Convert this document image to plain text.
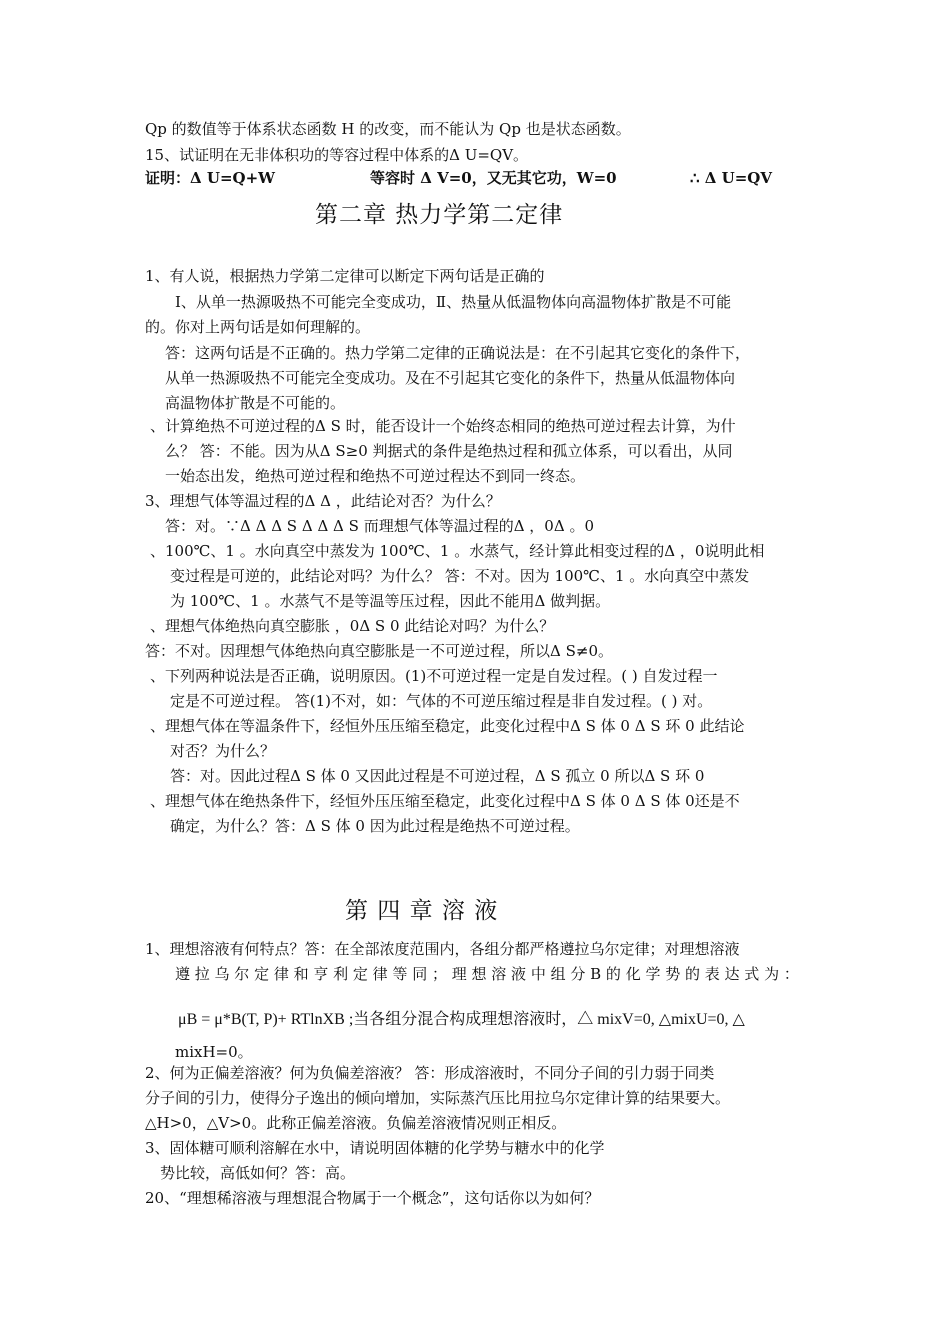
Qp 的数值等于体系状态函数 H 的改变，而不能认为 Qp 也是状态函数。
15、试证明在无非体积功的等容过程中体系的Δ U=QV。
证明：Δ U=Q+W	等容时 Δ V=0，又无其它功，W=0	∴ Δ U=QV
第二章 热力学第二定律
1、有人说，根据热力学第二定律可以断定下两句话是正确的
Ⅰ、从单一热源吸热不可能完全变成功，Ⅱ、热量从低温物体向高温物体扩散是不可能
的。你对上两句话是如何理解的。
答：这两句话是不正确的。热力学第二定律的正确说法是：在不引起其它变化的条件下，
从单一热源吸热不可能完全变成功。及在不引起其它变化的条件下，热量从低温物体向
高温物体扩散是不可能的。
、计算绝热不可逆过程的Δ S 时，能否设计一个始终态相同的绝热可逆过程去计算，为什
么？ 答：不能。因为从Δ S≥0 判据式的条件是绝热过程和孤立体系，可以看出，从同
一始态出发，绝热可逆过程和绝热不可逆过程达不到同一终态。
3、理想气体等温过程的Δ Δ ，此结论对否？为什么？
答：对。∵Δ Δ Δ S Δ Δ Δ S 而理想气体等温过程的Δ ，0Δ 。0
、100℃、1 。水向真空中蒸发为 100℃、1 。水蒸气，经计算此相变过程的Δ ，0说明此相
变过程是可逆的，此结论对吗？为什么？ 答：不对。因为 100℃、1 。水向真空中蒸发
为 100℃、1 。水蒸气不是等温等压过程，因此不能用Δ 做判据。
、理想气体绝热向真空膨胀 ，0Δ S 0 此结论对吗？为什么？
答：不对。因理想气体绝热向真空膨胀是一不可逆过程，所以Δ S≠0。
、下列两种说法是否正确，说明原因。(1)不可逆过程一定是自发过程。( ) 自发过程一
定是不可逆过程。 答(1)不对，如：气体的不可逆压缩过程是非自发过程。( ) 对。
、理想气体在等温条件下，经恒外压压缩至稳定，此变化过程中Δ S 体 0 Δ S 环 0 此结论
对否？为什么？
答：对。因此过程Δ S 体 0 又因此过程是不可逆过程，Δ S 孤立 0 所以Δ S 环 0
、理想气体在绝热条件下，经恒外压压缩至稳定，此变化过程中Δ S 体 0 Δ S 体 0还是不
确定，为什么？答：Δ S 体 0 因为此过程是绝热不可逆过程。
第 四 章 溶 液
1、理想溶液有何特点？答：在全部浓度范围内，各组分都严格遵拉乌尔定律；对理想溶液
遵 拉 乌 尔 定 律 和 亨 利 定 律 等 同 ； 理 想 溶 液 中 组 分 B 的 化 学 势 的 表 达 式 为 ：
μB = μ*B(T, P)+ RTlnXB ;当各组分混合构成理想溶液时，△ mixV=0, △mixU=0, △
mixH=0。
2、何为正偏差溶液？何为负偏差溶液？ 答：形成溶液时，不同分子间的引力弱于同类
分子间的引力，使得分子逸出的倾向增加，实际蒸汽压比用拉乌尔定律计算的结果要大。
△H>0，△V>0。此称正偏差溶液。负偏差溶液情况则正相反。
3、固体糖可顺利溶解在水中，请说明固体糖的化学势与糖水中的化学
势比较，高低如何？答：高。
20、“理想稀溶液与理想混合物属于一个概念”，这句话你以为如何？
